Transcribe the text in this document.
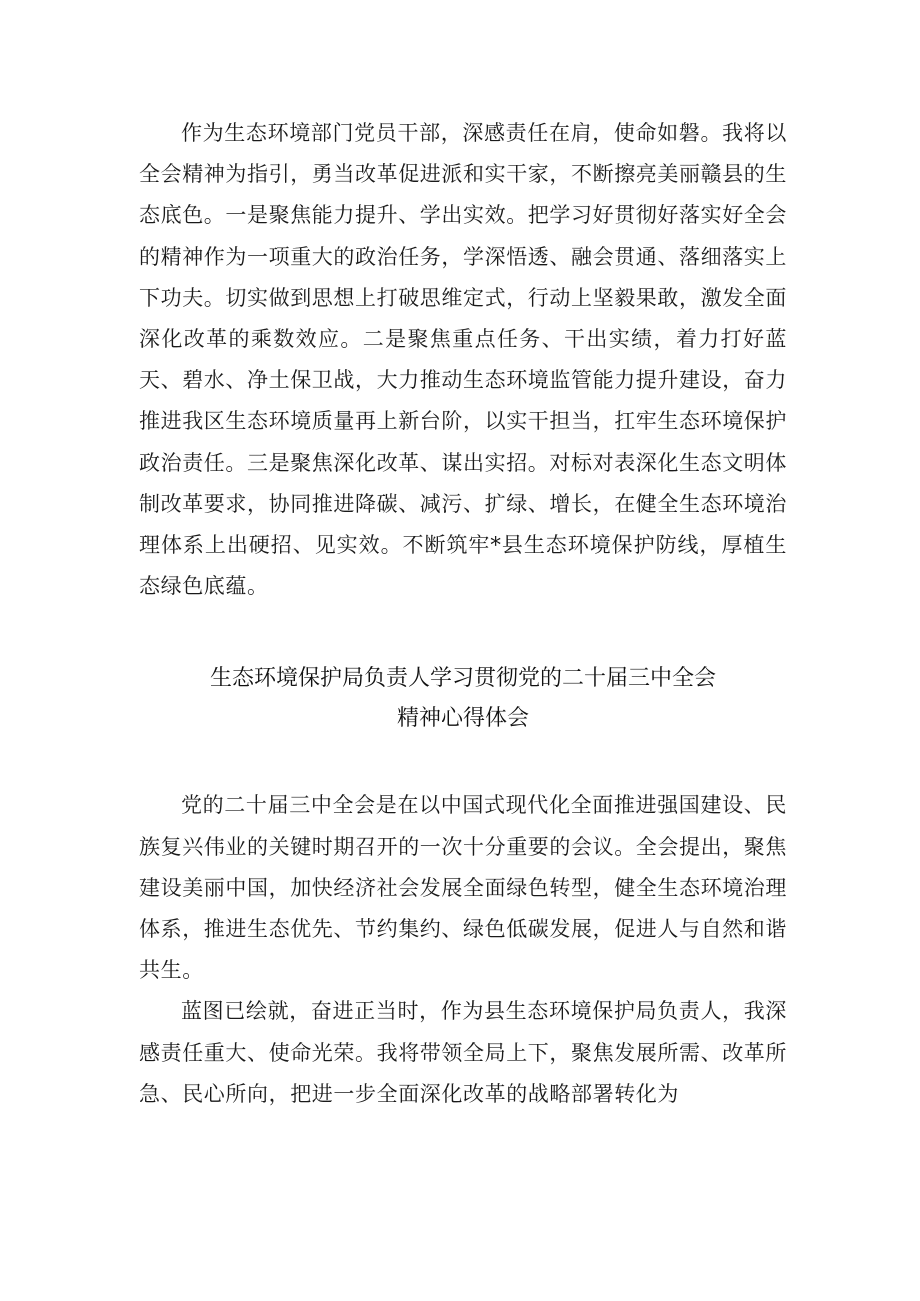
作为生态环境部门党员干部，深感责任在肩，使命如磐。我将以全会精神为指引，勇当改革促进派和实干家，不断擦亮美丽赣县的生态底色。一是聚焦能力提升、学出实效。把学习好贯彻好落实好全会的精神作为一项重大的政治任务，学深悟透、融会贯通、落细落实上下功夫。切实做到思想上打破思维定式，行动上坚毅果敢，激发全面深化改革的乘数效应。二是聚焦重点任务、干出实绩，着力打好蓝天、碧水、净土保卫战，大力推动生态环境监管能力提升建设，奋力推进我区生态环境质量再上新台阶，以实干担当，扛牢生态环境保护政治责任。三是聚焦深化改革、谋出实招。对标对表深化生态文明体制改革要求，协同推进降碳、减污、扩绿、增长，在健全生态环境治理体系上出硬招、见实效。不断筑牢*县生态环境保护防线，厚植生态绿色底蕴。

生态环境保护局负责人学习贯彻党的二十届三中全会

精神心得体会

党的二十届三中全会是在以中国式现代化全面推进强国建设、民族复兴伟业的关键时期召开的一次十分重要的会议。全会提出，聚焦建设美丽中国，加快经济社会发展全面绿色转型，健全生态环境治理体系，推进生态优先、节约集约、绿色低碳发展，促进人与自然和谐共生。

蓝图已绘就，奋进正当时，作为县生态环境保护局负责人，我深感责任重大、使命光荣。我将带领全局上下，聚焦发展所需、改革所急、民心所向，把进一步全面深化改革的战略部署转化为
